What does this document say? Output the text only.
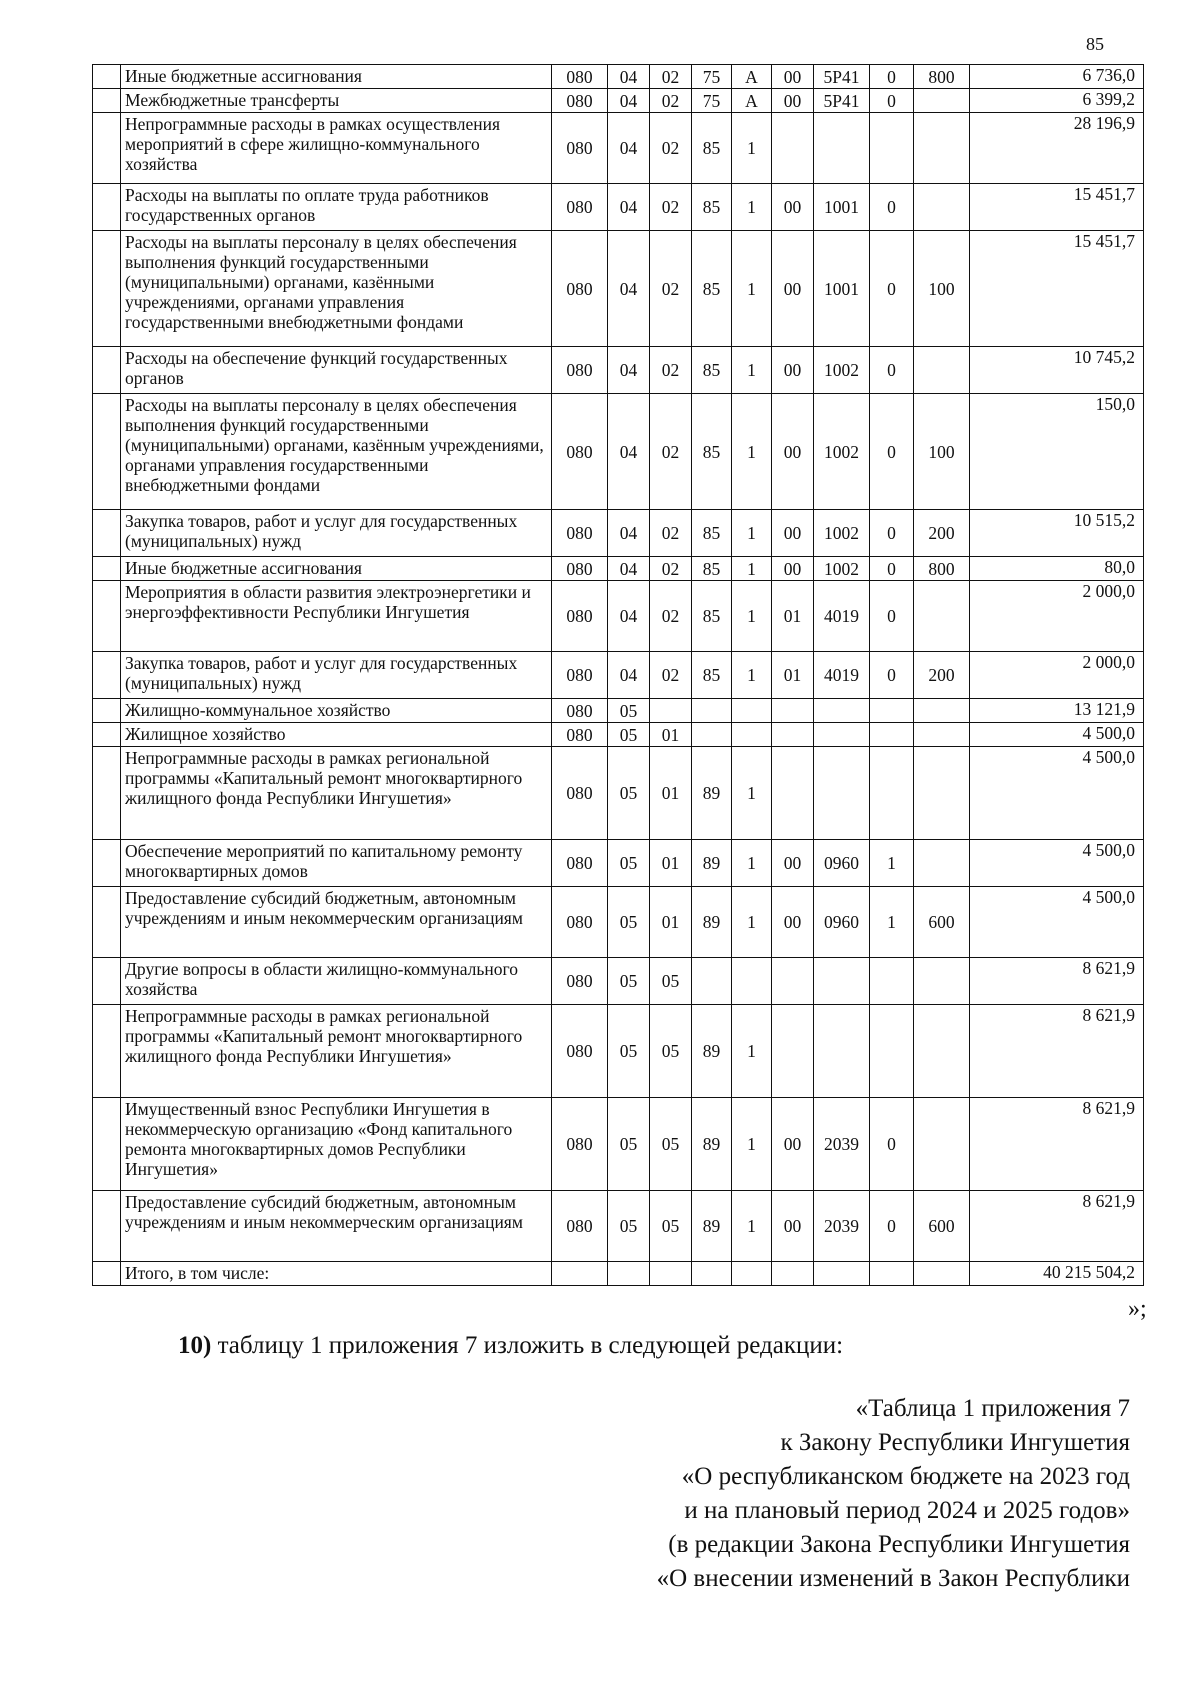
85
	Иные бюджетные ассигнования	080	04	02	75	А	00	5Р41	0	800	6 736,0
	Межбюджетные трансферты	080	04	02	75	А	00	5Р41	0		6 399,2
	Непрограммные расходы в рамках осуществления мероприятий в сфере жилищно-коммунального хозяйства	080	04	02	85	1					28 196,9
	Расходы на выплаты по оплате труда работников государственных органов	080	04	02	85	1	00	1001	0		15 451,7
	Расходы на выплаты персоналу в целях обеспечения выполнения функций государственными (муниципальными) органами, казёнными учреждениями, органами управления государственными внебюджетными фондами	080	04	02	85	1	00	1001	0	100	15 451,7
	Расходы на обеспечение функций государственных органов	080	04	02	85	1	00	1002	0		10 745,2
	Расходы на выплаты персоналу в целях обеспечения выполнения функций государственными (муниципальными) органами, казённым учреждениями, органами управления государственными внебюджетными фондами	080	04	02	85	1	00	1002	0	100	150,0
	Закупка товаров, работ и услуг для государственных (муниципальных) нужд	080	04	02	85	1	00	1002	0	200	10 515,2
	Иные бюджетные ассигнования	080	04	02	85	1	00	1002	0	800	80,0
	Мероприятия в области развития электроэнергетики и энергоэффективности Республики Ингушетия	080	04	02	85	1	01	4019	0		2 000,0
	Закупка товаров, работ и услуг для государственных (муниципальных) нужд	080	04	02	85	1	01	4019	0	200	2 000,0
	Жилищно-коммунальное хозяйство	080	05								13 121,9
	Жилищное хозяйство	080	05	01							4 500,0
	Непрограммные расходы в рамках региональной программы «Капитальный ремонт многоквартирного жилищного фонда Республики Ингушетия»	080	05	01	89	1					4 500,0
	Обеспечение мероприятий по капитальному ремонту многоквартирных домов	080	05	01	89	1	00	0960	1		4 500,0
	Предоставление субсидий бюджетным, автономным учреждениям и иным некоммерческим организациям	080	05	01	89	1	00	0960	1	600	4 500,0
	Другие вопросы в области жилищно-коммунального хозяйства	080	05	05							8 621,9
	Непрограммные расходы в рамках региональной программы «Капитальный ремонт многоквартирного жилищного фонда Республики Ингушетия»	080	05	05	89	1					8 621,9
	Имущественный взнос Республики Ингушетия в некоммерческую организацию «Фонд капитального ремонта многоквартирных домов Республики Ингушетия»	080	05	05	89	1	00	2039	0		8 621,9
	Предоставление субсидий бюджетным, автономным учреждениям и иным некоммерческим организациям	080	05	05	89	1	00	2039	0	600	8 621,9
	Итого, в том числе:										40 215 504,2
»;
10) таблицу 1 приложения 7 изложить в следующей редакции:
«Таблица 1 приложения 7
к Закону Республики Ингушетия
«О республиканском бюджете на 2023 год
и на плановый период 2024 и 2025 годов»
(в редакции Закона Республики Ингушетия
«О внесении изменений в Закон Республики
